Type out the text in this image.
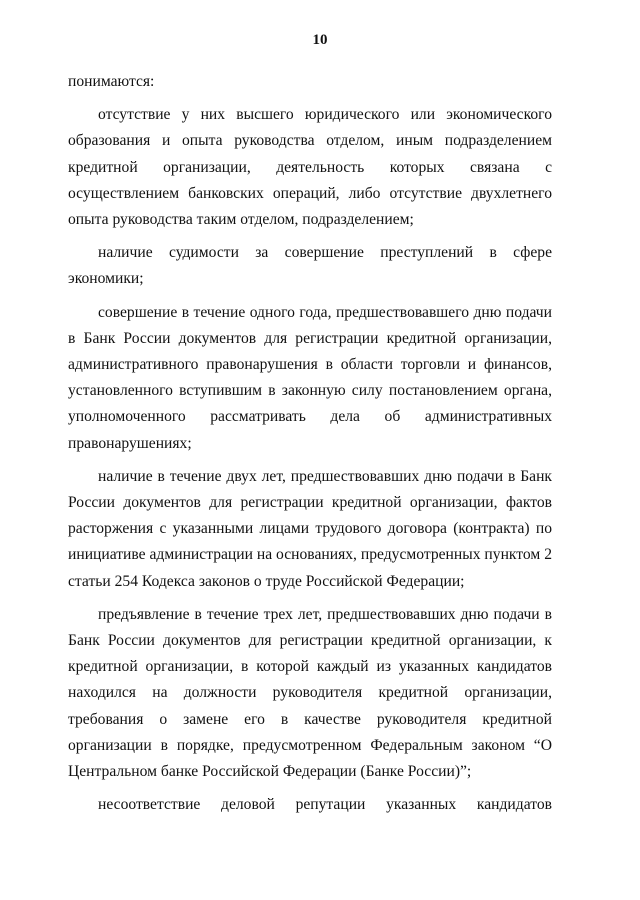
10

понимаются:

отсутствие у них высшего юридического или экономического образования и опыта руководства отделом, иным подразделением кредитной организации, деятельность которых связана с осуществлением банковских операций, либо отсутствие двухлетнего опыта руководства таким отделом, подразделением;

наличие судимости за совершение преступлений в сфере экономики;

совершение в течение одного года, предшествовавшего дню подачи в Банк России документов для регистрации кредитной организации, административного правонарушения в области торговли и финансов, установленного вступившим в законную силу постановлением органа, уполномоченного рассматривать дела об административных правонарушениях;

наличие в течение двух лет, предшествовавших дню подачи в Банк России документов для регистрации кредитной организации, фактов расторжения с указанными лицами трудового договора (контракта) по инициативе администрации на основаниях, предусмотренных пунктом 2 статьи 254 Кодекса законов о труде Российской Федерации;

предъявление в течение трех лет, предшествовавших дню подачи в Банк России документов для регистрации кредитной организации, к кредитной организации, в которой каждый из указанных кандидатов находился на должности руководителя кредитной организации, требования о замене его в качестве руководителя кредитной организации в порядке, предусмотренном Федеральным законом “О Центральном банке Российской Федерации (Банке России)”;

несоответствие деловой репутации указанных кандидатов
